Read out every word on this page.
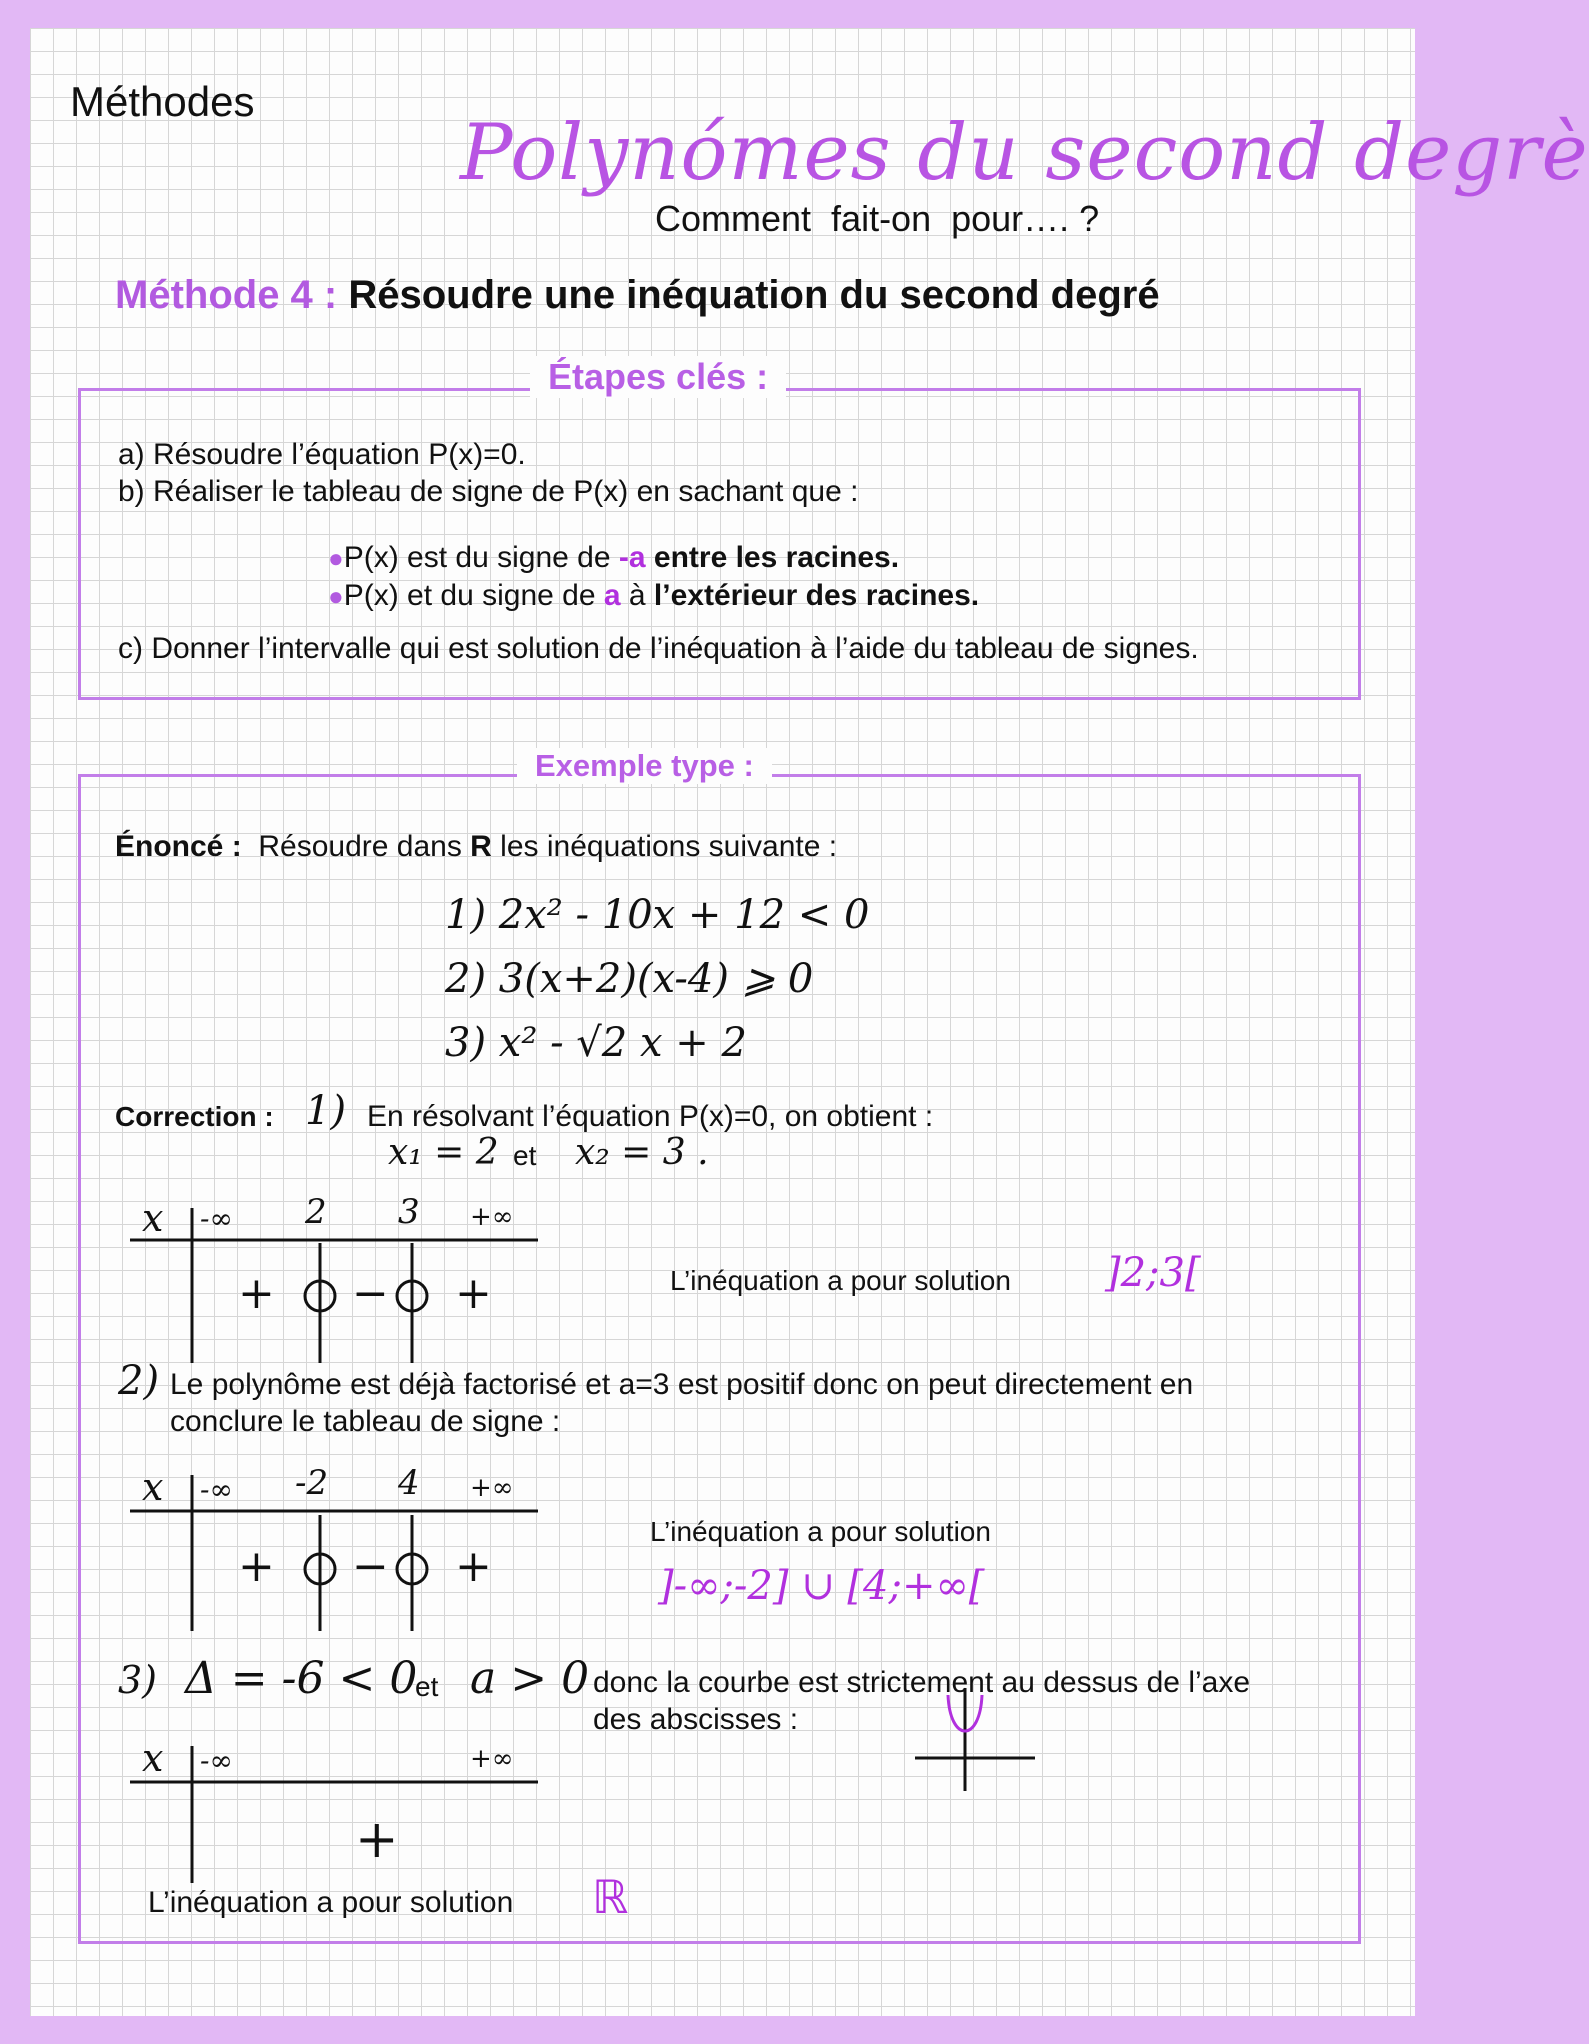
Méthodes
Polynómes du second degrè
Comment  fait-on  pour…. ?
Méthode 4 : Résoudre une inéquation du second degré
Étapes clés :
a) Résoudre l’équation P(x)=0.
b) Réaliser le tableau de signe de P(x) en sachant que :
●P(x) est du signe de -a entre les racines.
●P(x) et du signe de a à l’extérieur des racines.
c) Donner l’intervalle qui est solution de l’inéquation à l’aide du tableau de signes.
Exemple type :
Énoncé : Résoudre dans R les inéquations suivante :
1) 2x² - 10x + 12 < 0
2) 3(x+2)(x-4) ⩾ 0
3) x² - √2 x + 2
Correction : 1) En résolvant l’équation P(x)=0, on obtient :
x₁ = 2 et x₂ = 3 .
x -∞ 2 3 +∞
+ − +	L’inéquation a pour solution ]2;3[
2) Le polynôme est déjà factorisé et a=3 est positif donc on peut directement en
conclure le tableau de signe :
x -∞ -2 4 +∞
+ − +
L’inéquation a pour solution
]-∞;-2] ∪ [4;+∞[
3) Δ = -6 < 0
et a > 0 donc la courbe est strictement au dessus de l’axe
des abscisses :
x -∞	+∞
+
L’inéquation a pour solution ℝ
